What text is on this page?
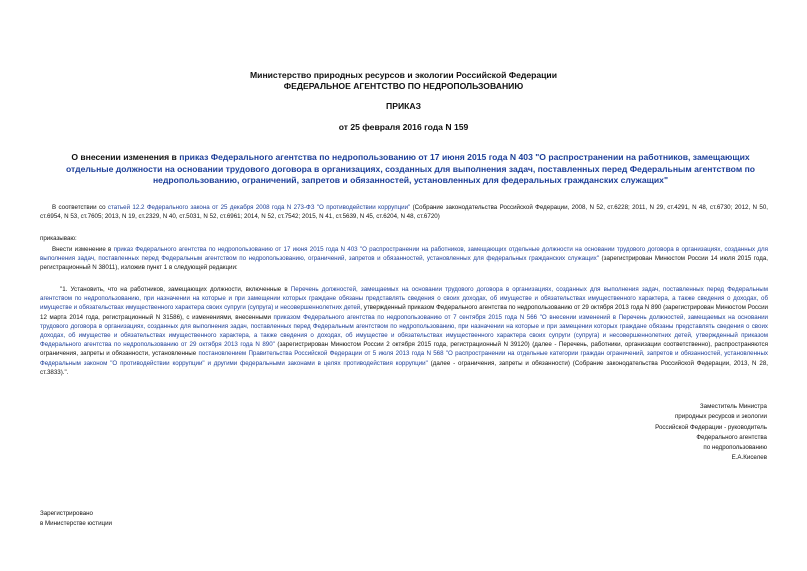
Министерство природных ресурсов и экологии Российской Федерации
ФЕДЕРАЛЬНОЕ АГЕНТСТВО ПО НЕДРОПОЛЬЗОВАНИЮ
ПРИКАЗ
от 25 февраля 2016 года N 159
О внесении изменения в приказ Федерального агентства по недропользованию от 17 июня 2015 года N 403 "О распространении на работников, замещающих отдельные должности на основании трудового договора в организациях, созданных для выполнения задач, поставленных перед Федеральным агентством по недропользованию, ограничений, запретов и обязанностей, установленных для федеральных гражданских служащих"
В соответствии со статьей 12.2 Федерального закона от 25 декабря 2008 года N 273-ФЗ "О противодействии коррупции" (Собрание законодательства Российской Федерации, 2008, N 52, ст.6228; 2011, N 29, ст.4291, N 48, ст.6730; 2012, N 50, ст.6954, N 53, ст.7605; 2013, N 19, ст.2329, N 40, ст.5031, N 52, ст.6961; 2014, N 52, ст.7542; 2015, N 41, ст.5639, N 45, ст.6204, N 48, ст.6720)
приказываю:
Внести изменение в приказ Федерального агентства по недропользованию от 17 июня 2015 года N 403 "О распространении на работников, замещающих отдельные должности на основании трудового договора в организациях, созданных для выполнения задач, поставленных перед Федеральным агентством по недропользованию, ограничений, запретов и обязанностей, установленных для федеральных гражданских служащих" (зарегистрирован Минюстом России 14 июля 2015 года, регистрационный N 38011), изложив пункт 1 в следующей редакции:
"1. Установить, что на работников, замещающих должности, включенные в Перечень должностей, замещаемых на основании трудового договора в организациях, созданных для выполнения задач, поставленных перед Федеральным агентством по недропользованию, при назначении на которые и при замещении которых граждане обязаны представлять сведения о своих доходах, об имуществе и обязательствах имущественного характера, а также сведения о доходах, об имуществе и обязательствах имущественного характера своих супруги (супруга) и несовершеннолетних детей, утвержденный приказом Федерального агентства по недропользованию от 29 октября 2013 года N 890 (зарегистрирован Минюстом России 12 марта 2014 года, регистрационный N 31586), с изменениями, внесенными приказом Федерального агентства по недропользованию от 7 сентября 2015 года N 566 "О внесении изменений в Перечень должностей, замещаемых на основании трудового договора в организациях, созданных для выполнения задач, поставленных перед Федеральным агентством по недропользованию, при назначении на которые и при замещении которых граждане обязаны представлять сведения о своих доходах, об имуществе и обязательствах имущественного характера, а также сведения о доходах, об имуществе и обязательствах имущественного характера своих супруги (супруга) и несовершеннолетних детей, утвержденный приказом Федерального агентства по недропользованию от 29 октября 2013 года N 890" (зарегистрирован Минюстом России 2 октября 2015 года, регистрационный N 39120) (далее - Перечень, работники, организации соответственно), распространяются ограничения, запреты и обязанности, установленные постановлением Правительства Российской Федерации от 5 июля 2013 года N 568 "О распространении на отдельные категории граждан ограничений, запретов и обязанностей, установленных Федеральным законом "О противодействии коррупции" и другими федеральными законами в целях противодействия коррупции" (далее - ограничения, запреты и обязанности) (Собрание законодательства Российской Федерации, 2013, N 28, ст.3833).".
Заместитель Министра
природных ресурсов и экологии
Российской Федерации - руководитель
Федерального агентства
по недропользованию
Е.А.Киселев
Зарегистрировано
в Министерстве юстиции
